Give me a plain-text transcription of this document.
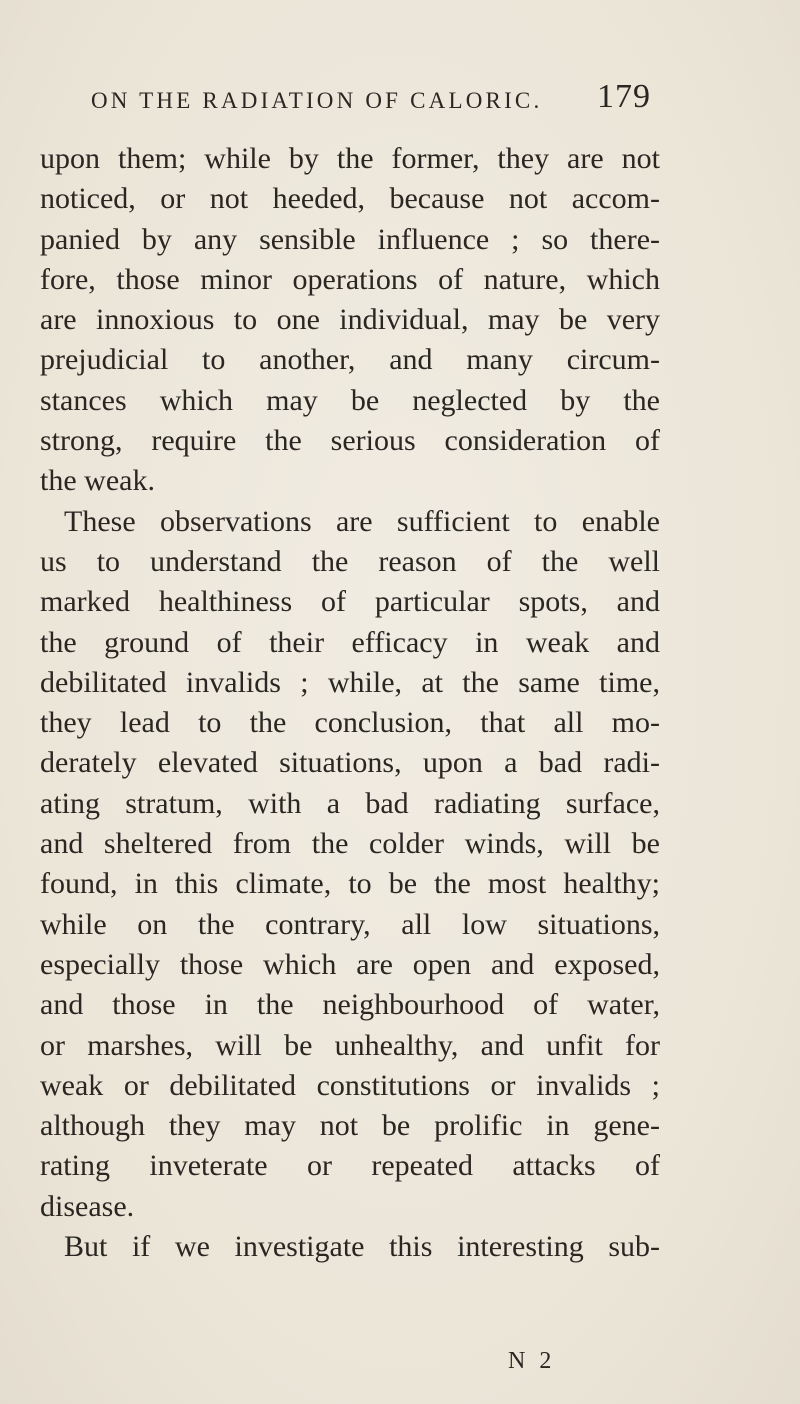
ON THE RADIATION OF CALORIC. 179
upon them; while by the former, they are not
noticed, or not heeded, because not accom-
panied by any sensible influence ; so there-
fore, those minor operations of nature, which
are innoxious to one individual, may be very
prejudicial to another, and many circum-
stances which may be neglected by the
strong, require the serious consideration of
the weak.
These observations are sufficient to enable
us to understand the reason of the well
marked healthiness of particular spots, and
the ground of their efficacy in weak and
debilitated invalids ; while, at the same time,
they lead to the conclusion, that all mo-
derately elevated situations, upon a bad radi-
ating stratum, with a bad radiating surface,
and sheltered from the colder winds, will be
found, in this climate, to be the most healthy;
while on the contrary, all low situations,
especially those which are open and exposed,
and those in the neighbourhood of water,
or marshes, will be unhealthy, and unfit for
weak or debilitated constitutions or invalids ;
although they may not be prolific in gene-
rating inveterate or repeated attacks of
disease.
But if we investigate this interesting sub-
N 2
